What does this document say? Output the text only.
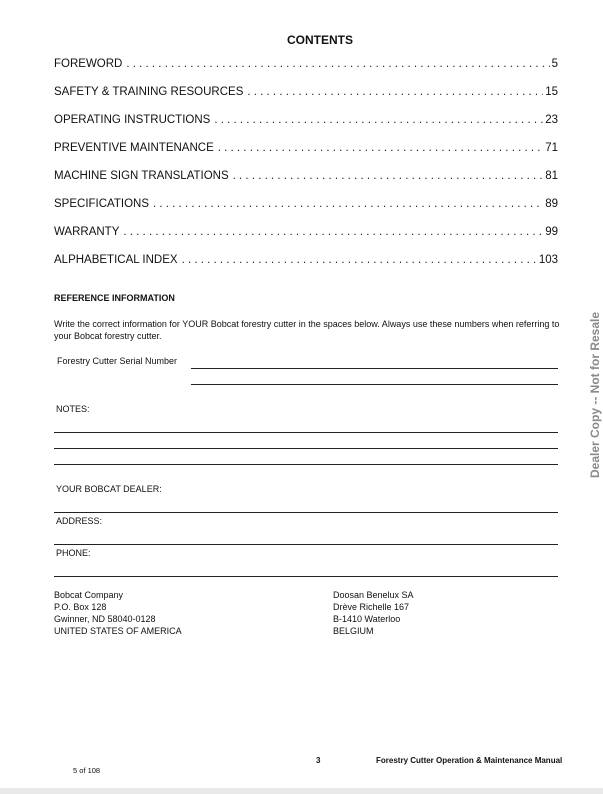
CONTENTS
FOREWORD . . .	5
SAFETY & TRAINING RESOURCES . . .	15
OPERATING INSTRUCTIONS . . .	23
PREVENTIVE MAINTENANCE . . .	71
MACHINE SIGN TRANSLATIONS . . .	81
SPECIFICATIONS . . .	89
WARRANTY . . .	99
ALPHABETICAL INDEX . . .	103
REFERENCE INFORMATION
Write the correct information for YOUR Bobcat forestry cutter in the spaces below. Always use these numbers when referring to your Bobcat forestry cutter.
Forestry Cutter Serial Number
NOTES:
YOUR BOBCAT DEALER:
ADDRESS:
PHONE:
Bobcat Company
P.O. Box 128
Gwinner, ND 58040-0128
UNITED STATES OF AMERICA
Doosan Benelux SA
Drève Richelle 167
B-1410 Waterloo
BELGIUM
Dealer Copy -- Not for Resale
3	Forestry Cutter Operation & Maintenance Manual
5 of 108
